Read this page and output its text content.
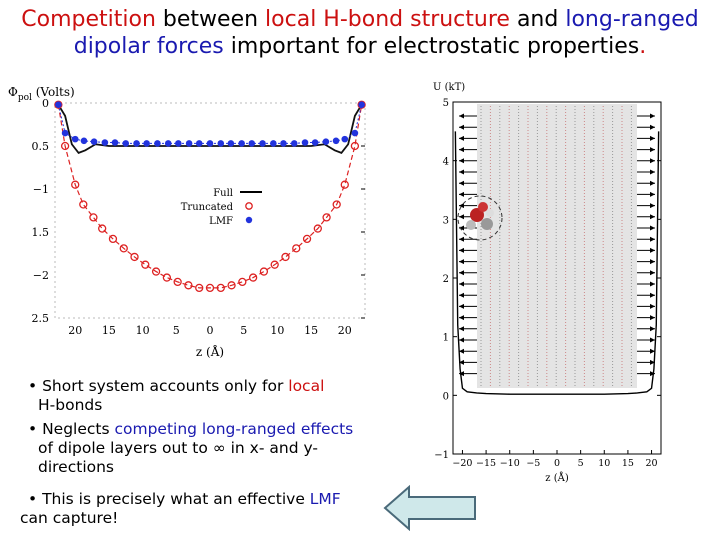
Competition between local H-bond structure and long-ranged
dipolar forces important for electrostatic properties.
$\Phi_{pol}$ (Volts)
0
0.5
−1
1.5
−2
2.5
20 15 10 5 0 5 10 15 20
z (Å)
Full
Truncated
LMF
U (kT)
5
4
3
2
1
0
−1
−20 −15 −10 −5 0 5 10 15 20
z (Å)
• Short system accounts only for local
H-bonds
• Neglects competing long-ranged effects
of dipole layers out to ∞ in x- and y-
directions
• This is precisely what an effective LMF
can capture!
